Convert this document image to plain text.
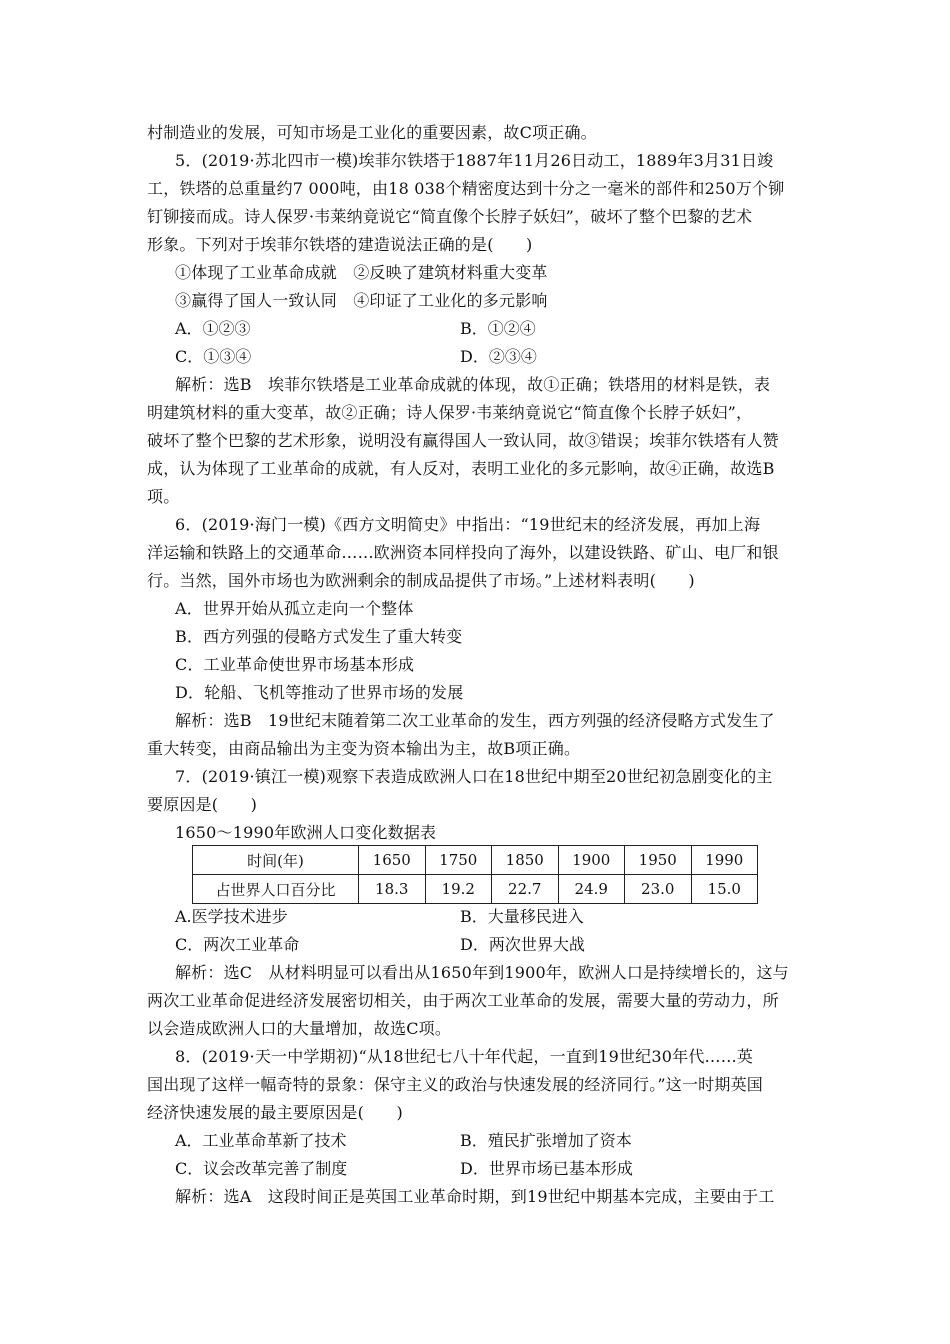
村制造业的发展，可知市场是工业化的重要因素，故C项正确。
5．(2019·苏北四市一模)埃菲尔铁塔于1887年11月26日动工，1889年3月31日竣
工，铁塔的总重量约7 000吨，由18 038个精密度达到十分之一毫米的部件和250万个铆
钉铆接而成。诗人保罗·韦莱纳竟说它“简直像个长脖子妖妇”，破坏了整个巴黎的艺术
形象。下列对于埃菲尔铁塔的建造说法正确的是(　　)
①体现了工业革命成就　②反映了建筑材料重大变革
③赢得了国人一致认同　④印证了工业化的多元影响
A．①②③	B．①②④
C．①③④	D．②③④
解析：选B　埃菲尔铁塔是工业革命成就的体现，故①正确；铁塔用的材料是铁，表
明建筑材料的重大变革，故②正确；诗人保罗·韦莱纳竟说它“简直像个长脖子妖妇”，
破坏了整个巴黎的艺术形象，说明没有赢得国人一致认同，故③错误；埃菲尔铁塔有人赞
成，认为体现了工业革命的成就，有人反对，表明工业化的多元影响，故④正确，故选B
项。
6．(2019·海门一模)《西方文明简史》中指出：“19世纪末的经济发展，再加上海
洋运输和铁路上的交通革命……欧洲资本同样投向了海外，以建设铁路、矿山、电厂和银
行。当然，国外市场也为欧洲剩余的制成品提供了市场。”上述材料表明(　　)
A．世界开始从孤立走向一个整体
B．西方列强的侵略方式发生了重大转变
C．工业革命使世界市场基本形成
D．轮船、飞机等推动了世界市场的发展
解析：选B　19世纪末随着第二次工业革命的发生，西方列强的经济侵略方式发生了
重大转变，由商品输出为主变为资本输出为主，故B项正确。
7．(2019·镇江一模)观察下表造成欧洲人口在18世纪中期至20世纪初急剧变化的主
要原因是(　　)
1650～1990年欧洲人口变化数据表
时间(年)	1650	1750	1850	1900	1950	1990
占世界人口百分比	18.3	19.2	22.7	24.9	23.0	15.0
A.医学技术进步	B．大量移民进入
C．两次工业革命	D．两次世界大战
解析：选C　从材料明显可以看出从1650年到1900年，欧洲人口是持续增长的，这与
两次工业革命促进经济发展密切相关，由于两次工业革命的发展，需要大量的劳动力，所
以会造成欧洲人口的大量增加，故选C项。
8．(2019·天一中学期初)“从18世纪七八十年代起，一直到19世纪30年代……英
国出现了这样一幅奇特的景象：保守主义的政治与快速发展的经济同行。”这一时期英国
经济快速发展的最主要原因是(　　)
A．工业革命革新了技术	B．殖民扩张增加了资本
C．议会改革完善了制度	D．世界市场已基本形成
解析：选A　这段时间正是英国工业革命时期，到19世纪中期基本完成，主要由于工
